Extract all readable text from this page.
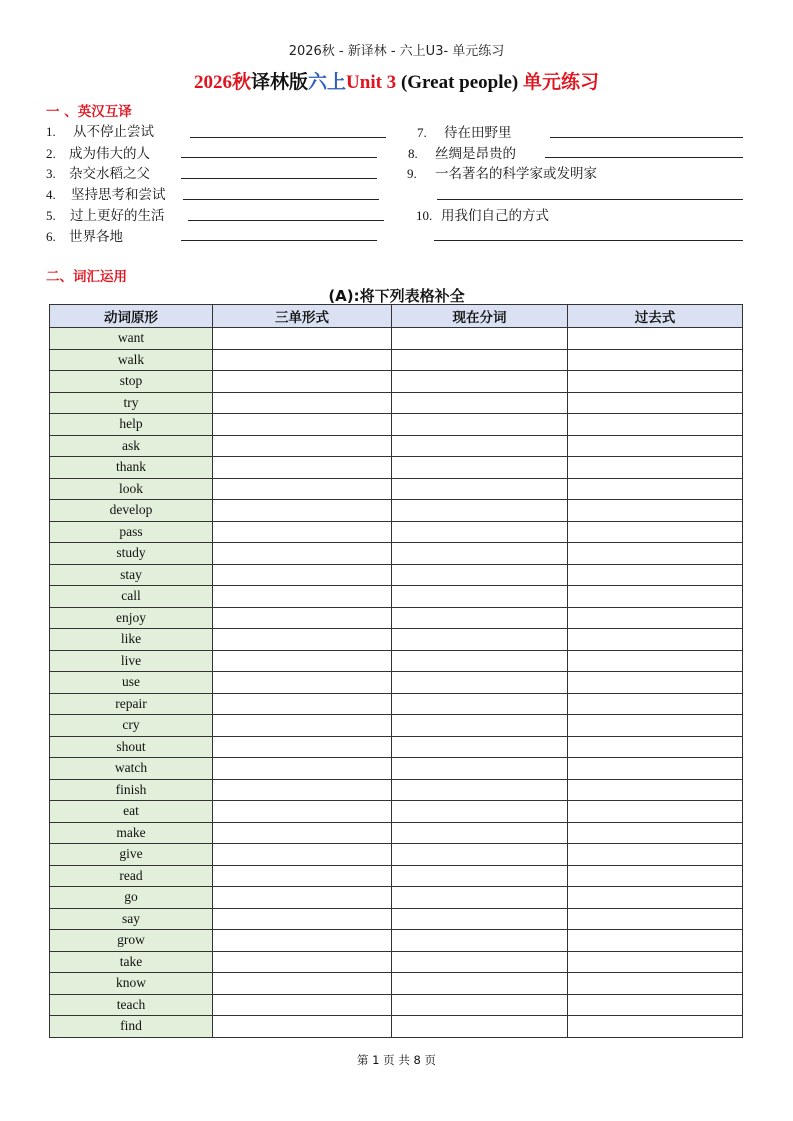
2026秋 - 新译林 - 六上U3- 单元练习
2026秋译林版六上Unit 3 (Great people) 单元练习
一 、英汉互译
1.	从不停止尝试
2. 成为伟大的人
3. 杂交水稻之父
4.	坚持思考和尝试
5.	过上更好的生活
6. 世界各地
7.	待在田野里
8.	丝绸是昂贵的
9.	一名著名的科学家或发明家
10. 用我们自己的方式
二、词汇运用
(A):将下列表格补全
动词原形	三单形式	现在分词	过去式
want			
walk			
stop			
try			
help			
ask			
thank			
look			
develop			
pass			
study			
stay			
call			
enjoy			
like			
live			
use			
repair			
cry			
shout			
watch			
finish			
eat			
make			
give			
read			
go			
say			
grow			
take			
know			
teach			
find			
第 1 页 共 8 页
